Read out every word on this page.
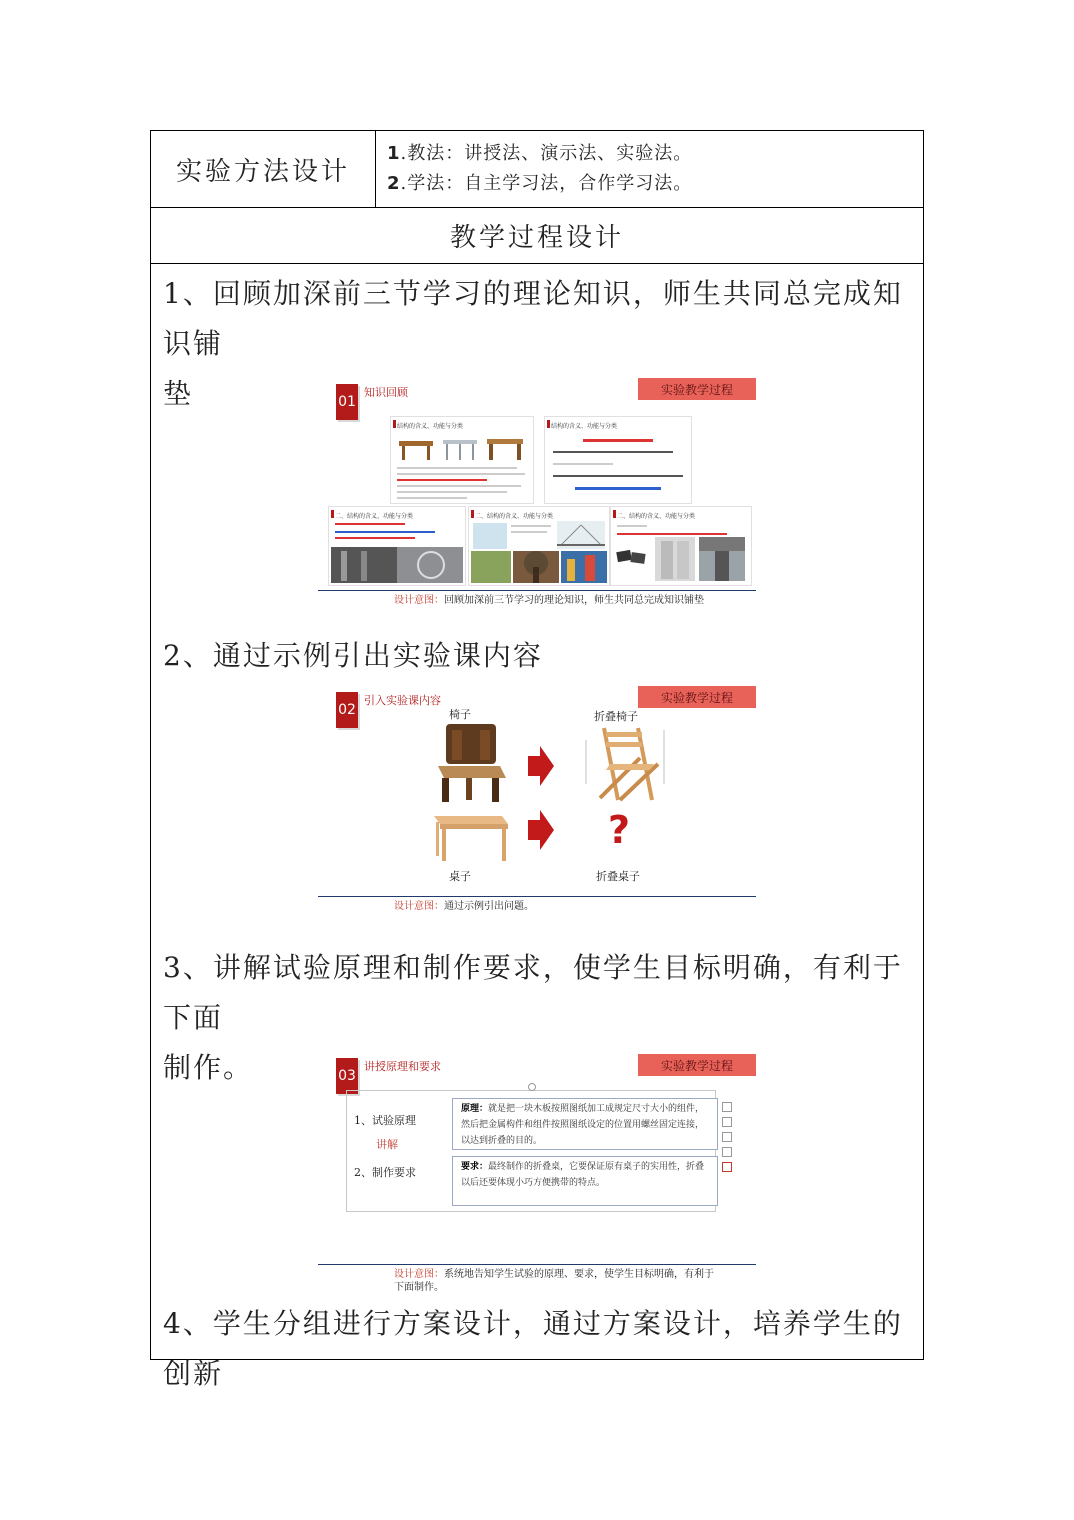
实验方法设计
1.教法：讲授法、演示法、实验法。
2.学法：自主学习法，合作学习法。
教学过程设计
1、回顾加深前三节学习的理论知识，师生共同总完成知识铺
垫
2、通过示例引出实验课内容
3、讲解试验原理和制作要求，使学生目标明确，有利于下面
制作。
4、学生分组进行方案设计，通过方案设计，培养学生的创新
01
知识回顾	实验教学过程
结构的含义、功能与分类	结构的含义、功能与分类
二、结构的含义、功能与分类	二、结构的含义、功能与分类	二、结构的含义、功能与分类
设计意图：回顾加深前三节学习的理论知识，师生共同总完成知识铺垫
02
引入实验课内容	实验教学过程
椅子	折叠椅子
?
桌子	折叠桌子
设计意图：通过示例引出问题。
03
讲授原理和要求	实验教学过程
1、试验原理
讲解
2、制作要求
原理：就是把一块木板按照图纸加工成规定尺寸大小的组件，然后把金属构件和组件按照图纸设定的位置用螺丝固定连接，以达到折叠的目的。
要求：最终制作的折叠桌，它要保证原有桌子的实用性，折叠以后还要体现小巧方便携带的特点。
设计意图：系统地告知学生试验的原理、要求，使学生目标明确，有利于下面制作。
